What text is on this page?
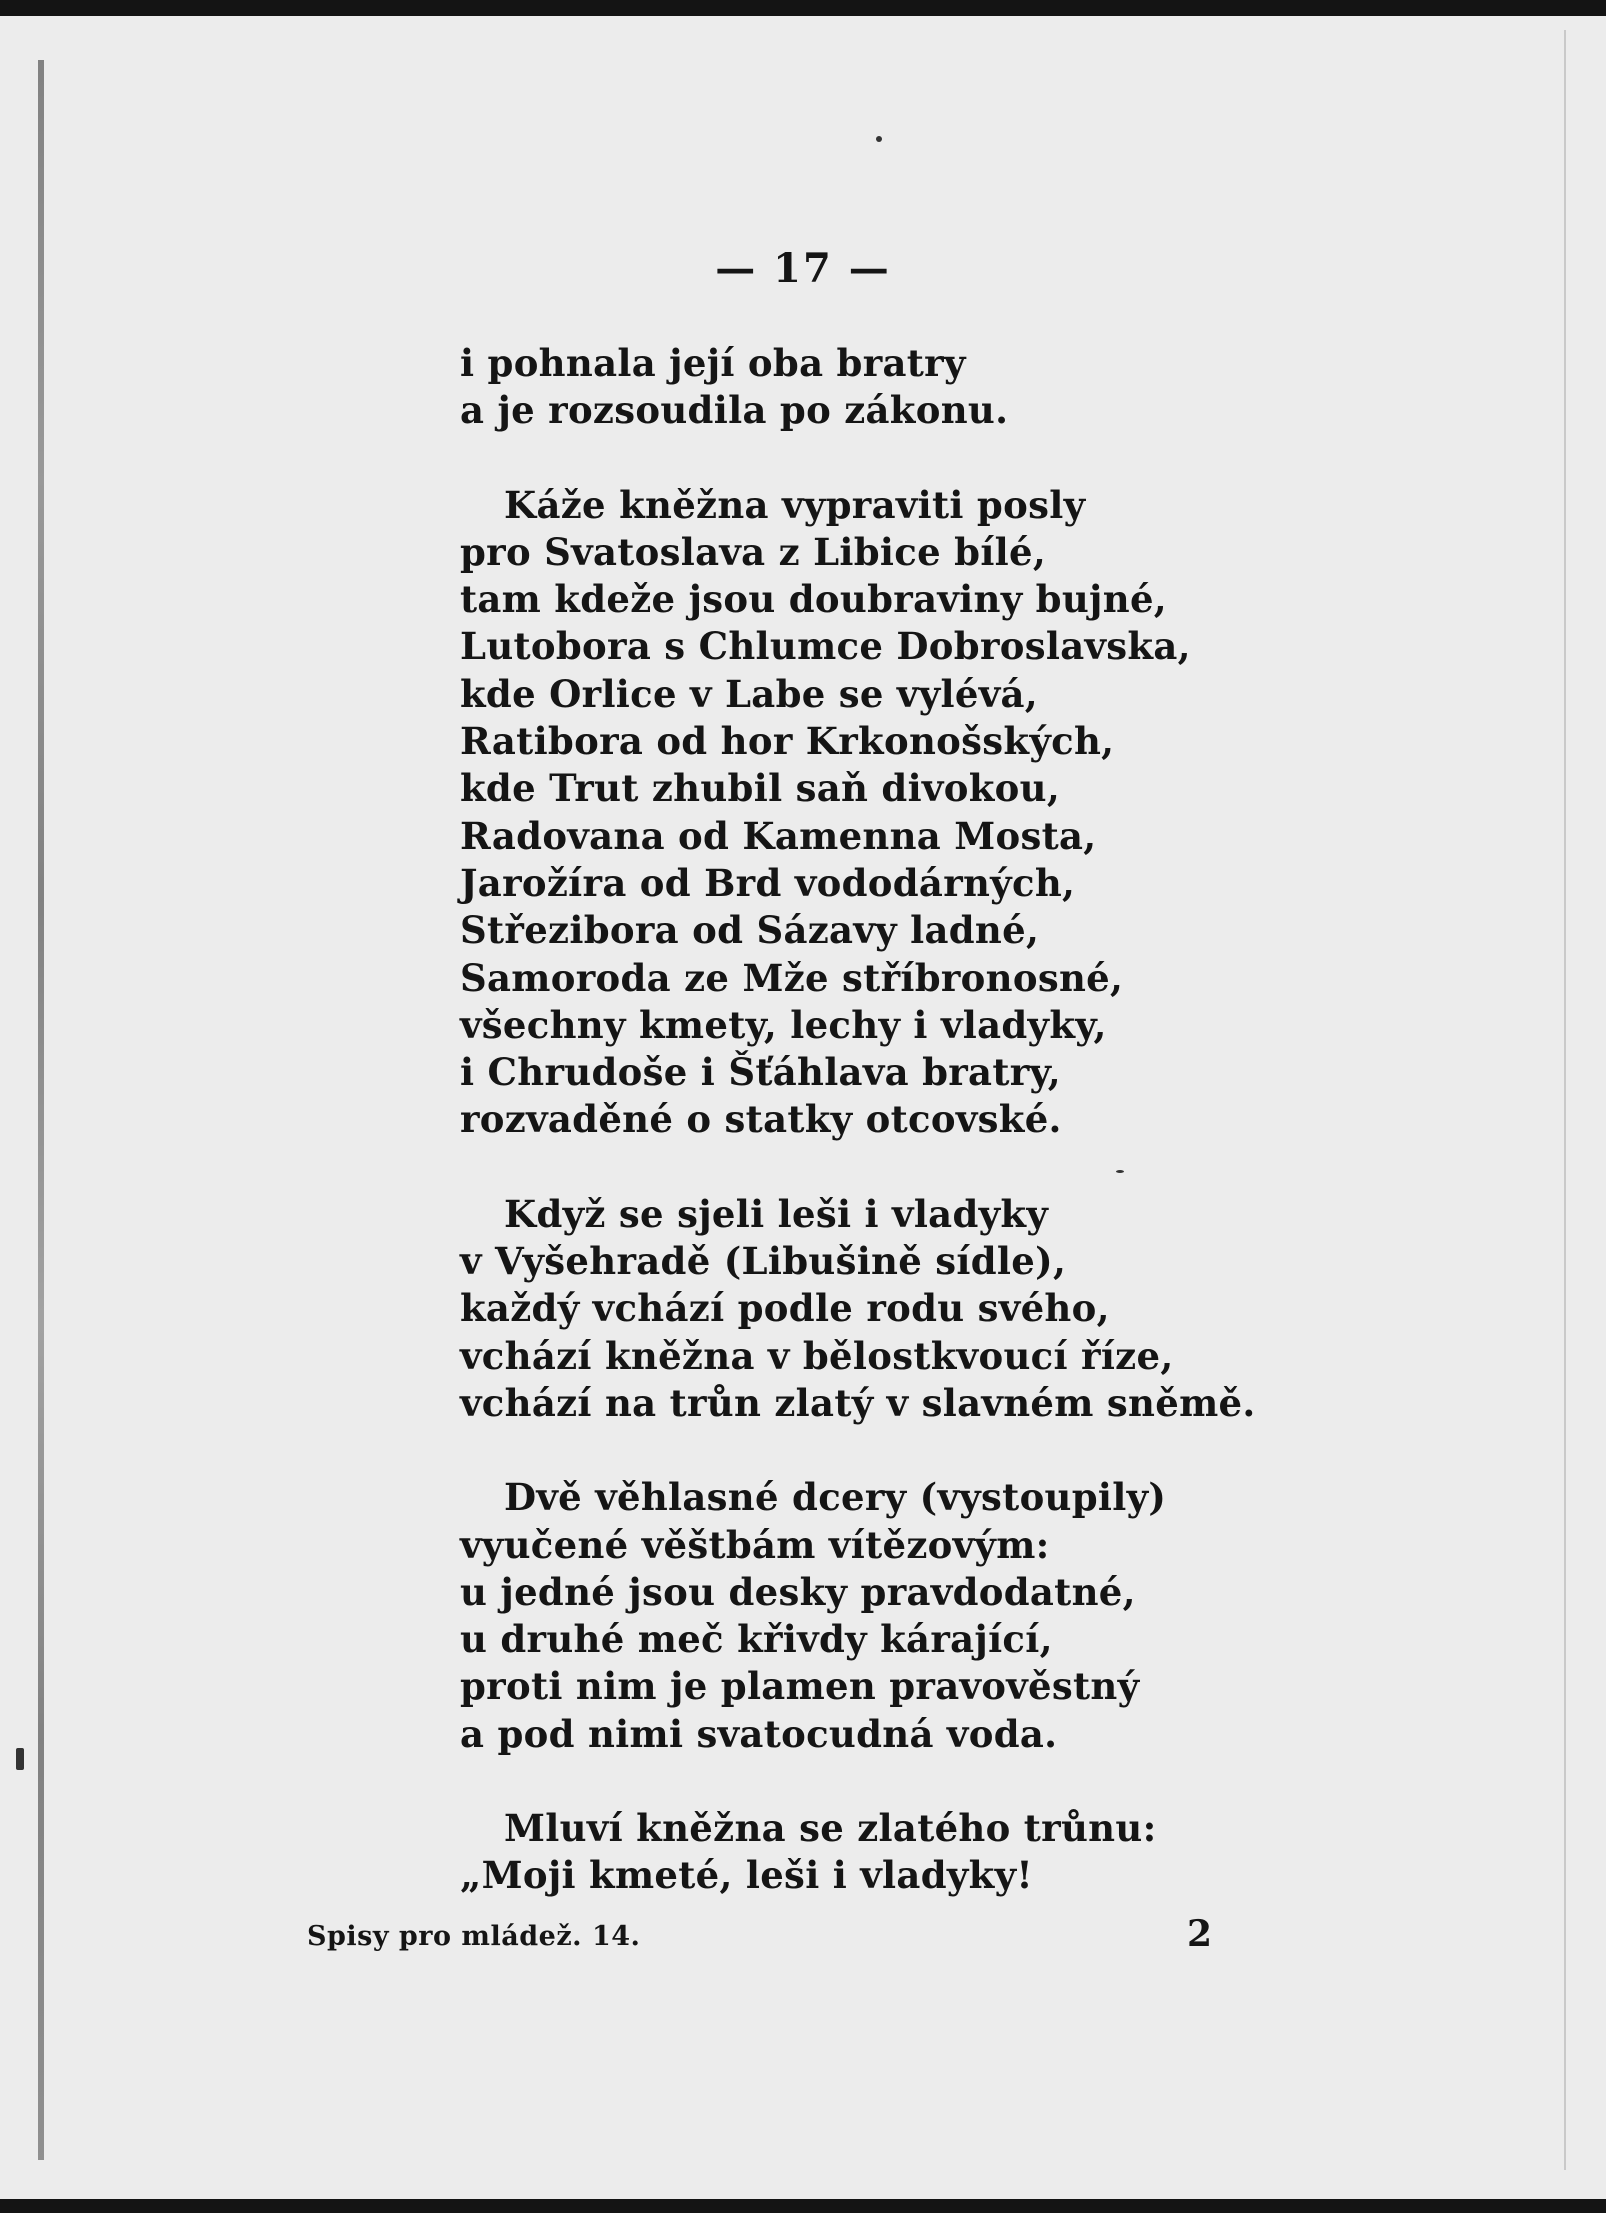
— 17 —
i pohnala její oba bratry
a je rozsoudila po zákonu.
Káže kněžna vypraviti posly
pro Svatoslava z Libice bílé,
tam kdeže jsou doubraviny bujné,
Lutobora s Chlumce Dobroslavska,
kde Orlice v Labe se vylévá,
Ratibora od hor Krkonošských,
kde Trut zhubil saň divokou,
Radovana od Kamenna Mosta,
Jarožíra od Brd vododárných,
Střezibora od Sázavy ladné,
Samoroda ze Mže stříbronosné,
všechny kmety, lechy i vladyky,
i Chrudoše i Šťáhlava bratry,
rozvaděné o statky otcovské.
Když se sjeli leši i vladyky
v Vyšehradě (Libušině sídle),
každý vchází podle rodu svého,
vchází kněžna v bělostkvoucí říze,
vchází na trůn zlatý v slavném sněmě.
Dvě věhlasné dcery (vystoupily)
vyučené věštbám vítězovým:
u jedné jsou desky pravdodatné,
u druhé meč křivdy kárající,
proti nim je plamen pravověstný
a pod nimi svatocudná voda.
Mluví kněžna se zlatého trůnu:
„Moji kmeté, leši i vladyky!
Spisy pro mládež. 14.	2
